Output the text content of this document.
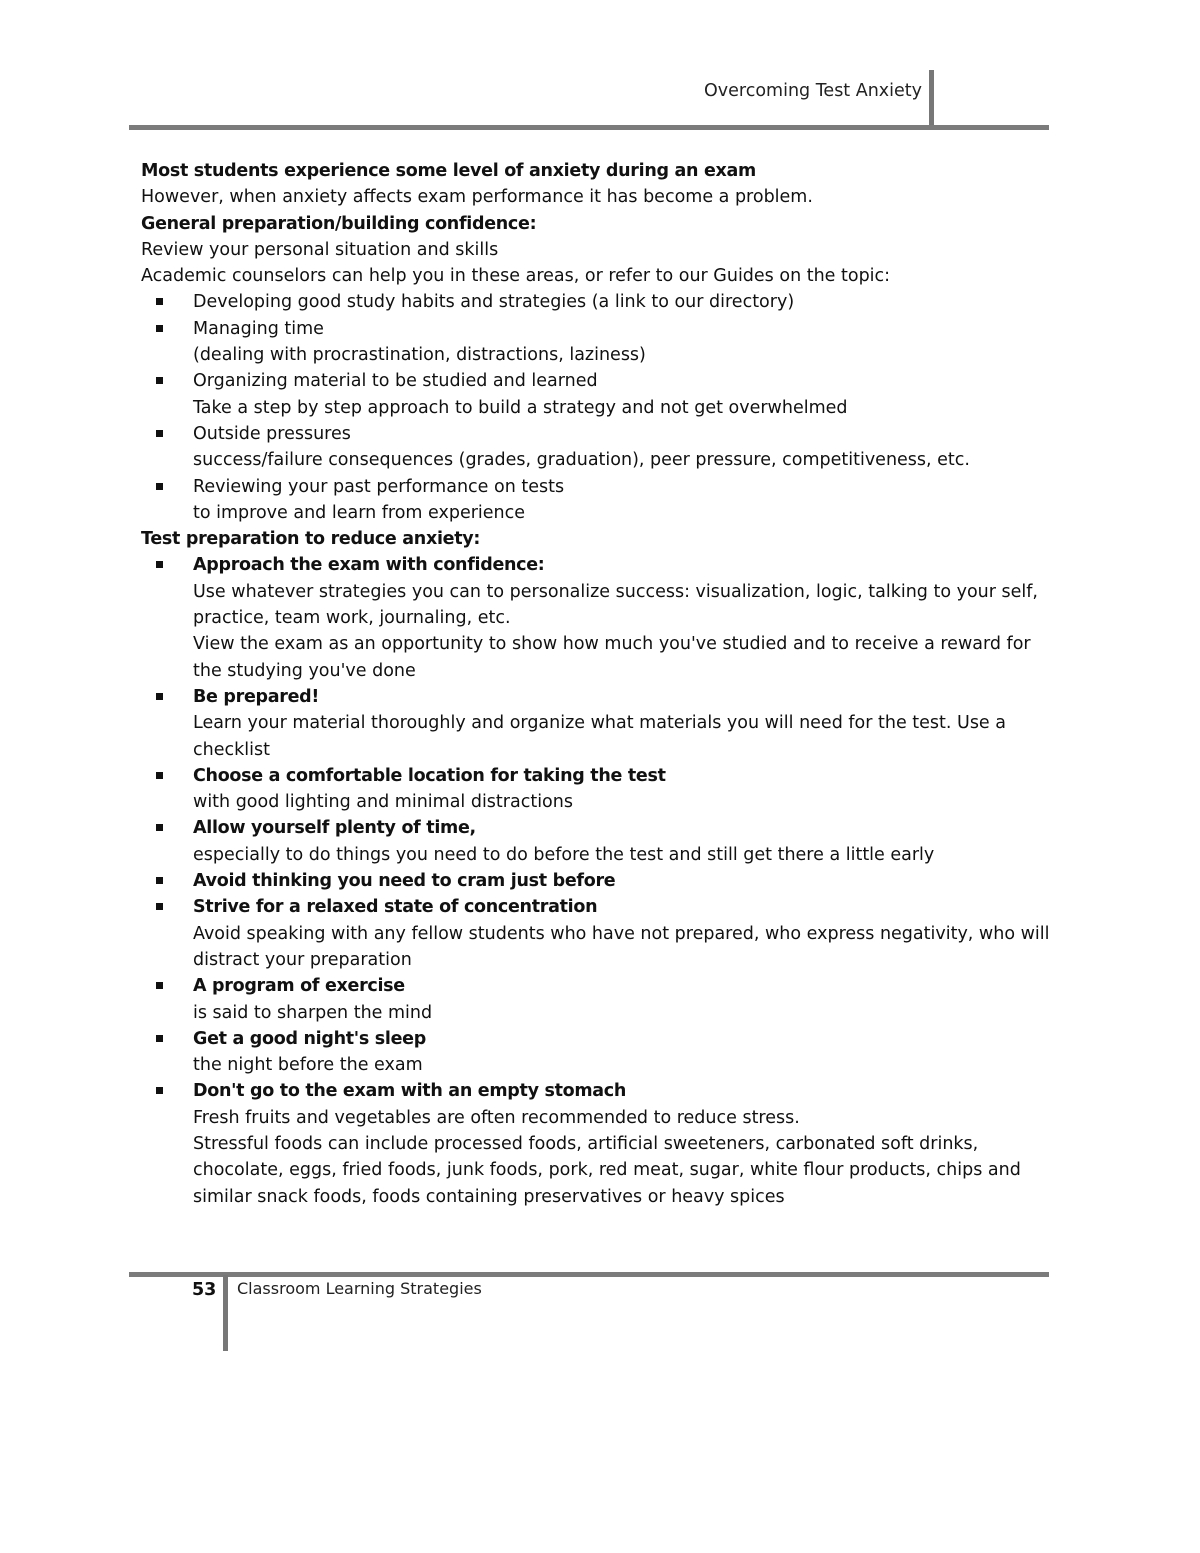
Overcoming Test Anxiety

Most students experience some level of anxiety during an exam

However, when anxiety affects exam performance it has become a problem.

General preparation/building confidence:

Review your personal situation and skills

Academic counselors can help you in these areas, or refer to our Guides on the topic:

Developing good study habits and strategies (a link to our directory)

Managing time

(dealing with procrastination, distractions, laziness)

Organizing material to be studied and learned

Take a step by step approach to build a strategy and not get overwhelmed

Outside pressures

success/failure consequences (grades, graduation), peer pressure, competitiveness, etc.

Reviewing your past performance on tests

to improve and learn from experience

Test preparation to reduce anxiety:

Approach the exam with confidence:

Use whatever strategies you can to personalize success: visualization, logic, talking to your self,

practice, team work, journaling, etc.

View the exam as an opportunity to show how much you've studied and to receive a reward for

the studying you've done

Be prepared!

Learn your material thoroughly and organize what materials you will need for the test. Use a

checklist

Choose a comfortable location for taking the test

with good lighting and minimal distractions

Allow yourself plenty of time,

especially to do things you need to do before the test and still get there a little early

Avoid thinking you need to cram just before

Strive for a relaxed state of concentration

Avoid speaking with any fellow students who have not prepared, who express negativity, who will

distract your preparation

A program of exercise

is said to sharpen the mind

Get a good night's sleep

the night before the exam

Don't go to the exam with an empty stomach

Fresh fruits and vegetables are often recommended to reduce stress.

Stressful foods can include processed foods, artificial sweeteners, carbonated soft drinks,

chocolate, eggs, fried foods, junk foods, pork, red meat, sugar, white flour products, chips and

similar snack foods, foods containing preservatives or heavy spices

53 Classroom Learning Strategies
